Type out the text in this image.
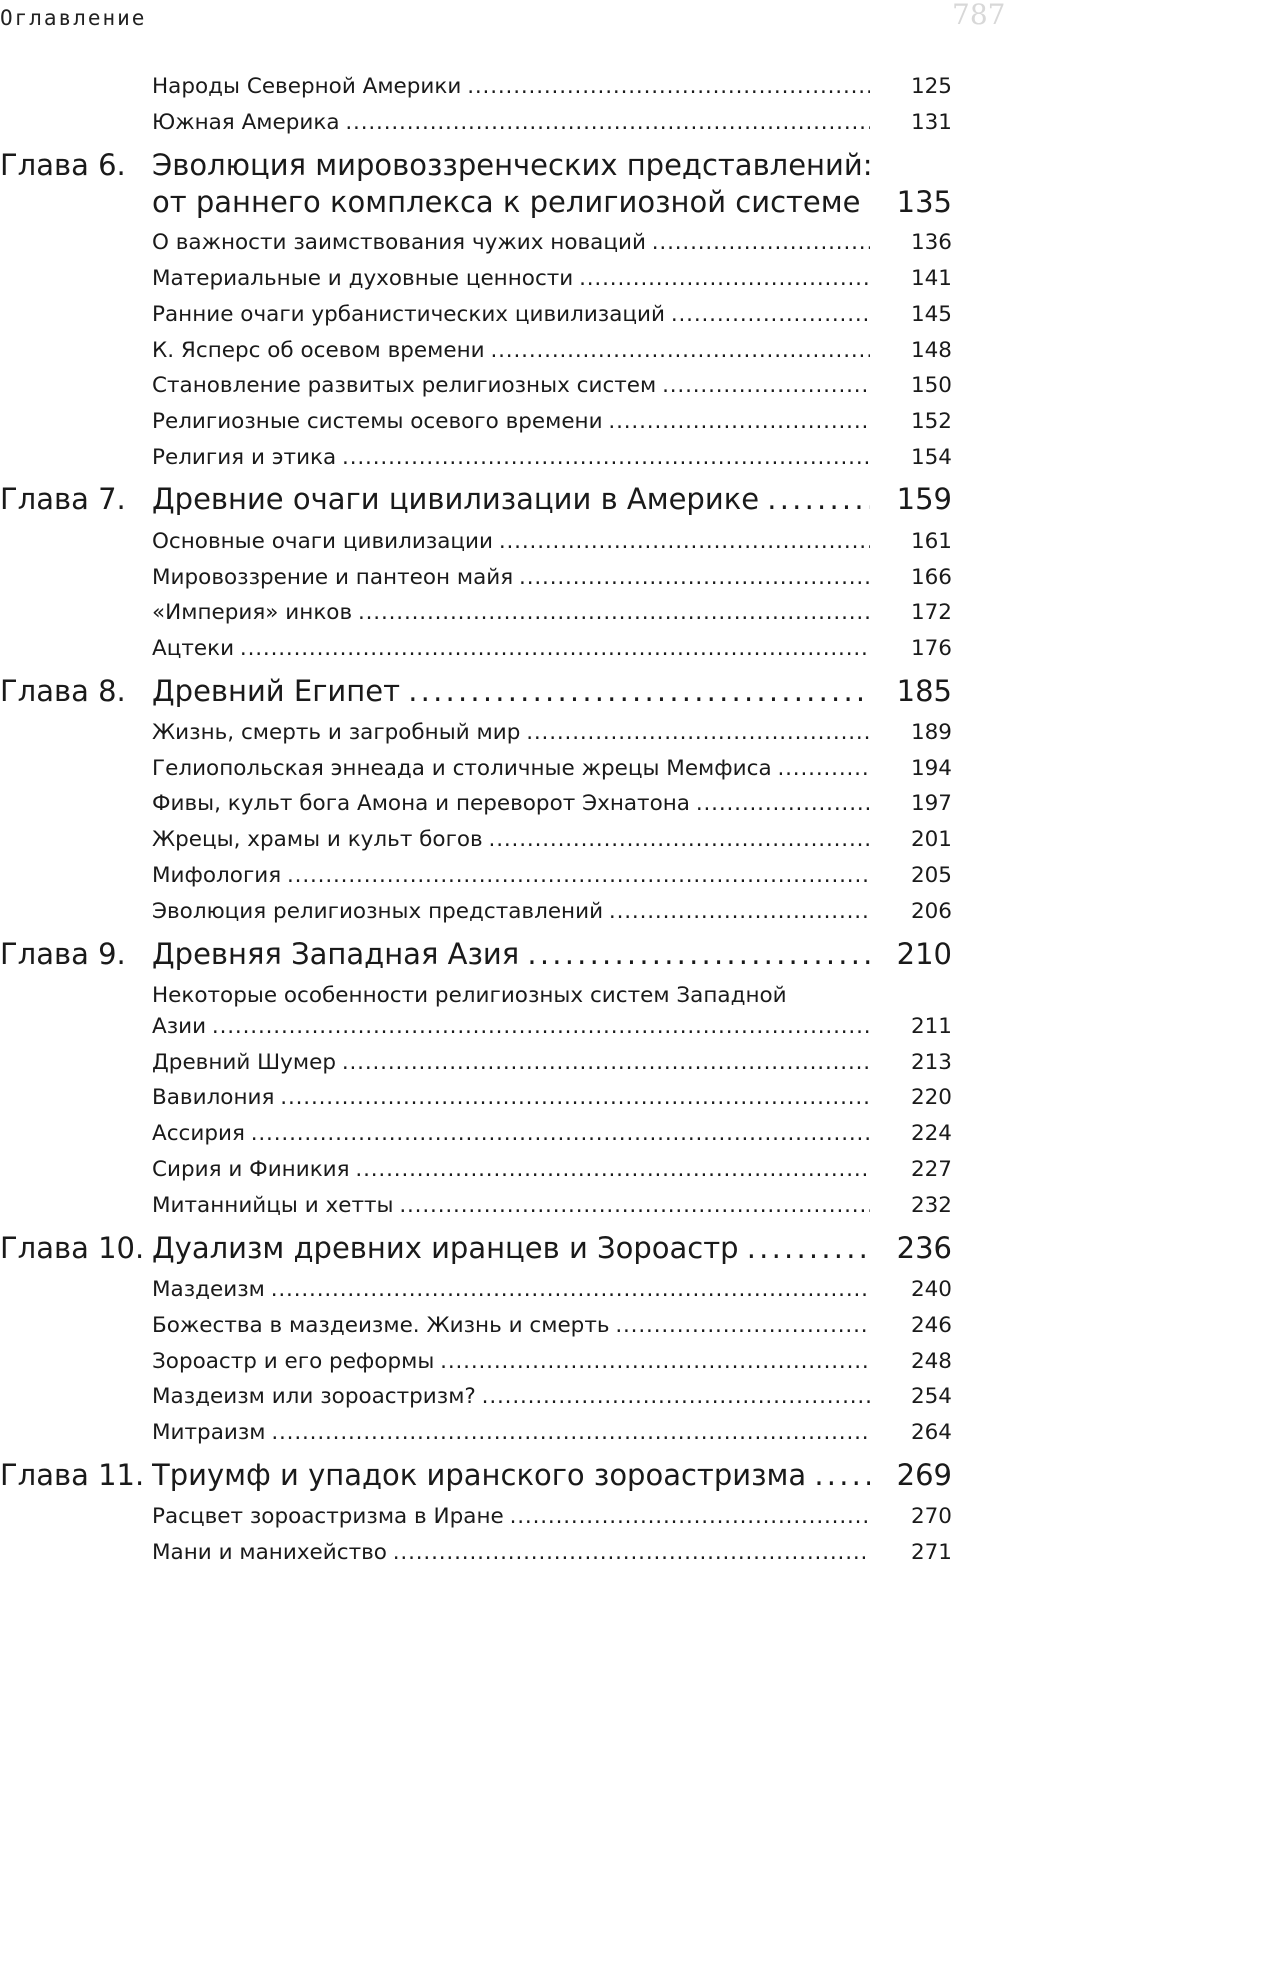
Оглавление	787
Народы Северной Америки . . .	125
Южная Америка . . .	131
Глава 6. Эволюция мировоззренческих представлений:
от раннего комплекса к религиозной системе . . .	135
О важности заимствования чужих новаций . . .	136
Материальные и духовные ценности . . .	141
Ранние очаги урбанистических цивилизаций . . .	145
К. Ясперс об осевом времени . . .	148
Становление развитых религиозных систем . . .	150
Религиозные системы осевого времени . . .	152
Религия и этика . . .	154
Глава 7. Древние очаги цивилизации в Америке . . .	159
Основные очаги цивилизации . . .	161
Мировоззрение и пантеон майя . . .	166
«Империя» инков . . .	172
Ацтеки . . .	176
Глава 8. Древний Египет . . .	185
Жизнь, смерть и загробный мир . . .	189
Гелиопольская эннеада и столичные жрецы Мемфиса . . .	194
Фивы, культ бога Амона и переворот Эхнатона . . .	197
Жрецы, храмы и культ богов . . .	201
Мифология . . .	205
Эволюция религиозных представлений . . .	206
Глава 9. Древняя Западная Азия . . .	210
Некоторые особенности религиозных систем Западной
Азии . . .	211
Древний Шумер . . .	213
Вавилония . . .	220
Ассирия . . .	224
Сирия и Финикия . . .	227
Митаннийцы и хетты . . .	232
Глава 10. Дуализм древних иранцев и Зороастр . . .	236
Маздеизм . . .	240
Божества в маздеизме. Жизнь и смерть . . .	246
Зороастр и его реформы . . .	248
Маздеизм или зороастризм? . . .	254
Митраизм . . .	264
Глава 11. Триумф и упадок иранского зороастризма . . .	269
Расцвет зороастризма в Иране . . .	270
Мани и манихейство . . .	271
